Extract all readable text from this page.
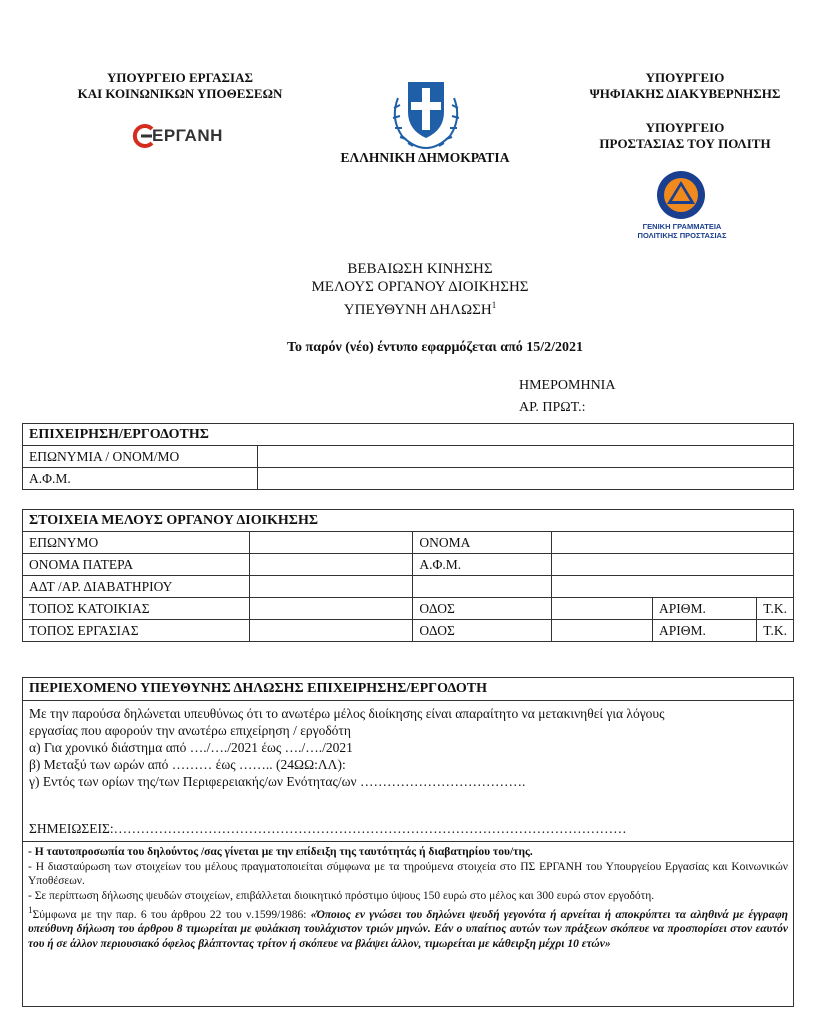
ΥΠΟΥΡΓΕΙΟ ΕΡΓΑΣΙΑΣ
ΚΑΙ ΚΟΙΝΩΝΙΚΩΝ ΥΠΟΘΕΣΕΩΝ
ΕΡΓΑΝΗ
ΕΛΛΗΝΙΚΗ ΔΗΜΟΚΡΑΤΙΑ
ΥΠΟΥΡΓΕΙΟ
ΨΗΦΙΑΚΗΣ ΔΙΑΚΥΒΕΡΝΗΣΗΣ
ΥΠΟΥΡΓΕΙΟ
ΠΡΟΣΤΑΣΙΑΣ ΤΟΥ ΠΟΛΙΤΗ
ΓΕΝΙΚΗ ΓΡΑΜΜΑΤΕΙΑ
ΠΟΛΙΤΙΚΗΣ ΠΡΟΣΤΑΣΙΑΣ
ΒΕΒΑΙΩΣΗ ΚΙΝΗΣΗΣ
ΜΕΛΟΥΣ ΟΡΓΑΝΟΥ ΔΙΟΙΚΗΣΗΣ
ΥΠΕΥΘΥΝΗ ΔΗΛΩΣΗ$^1$
Το παρόν (νέο) έντυπο εφαρμόζεται από 15/2/2021
ΗΜΕΡΟΜΗΝΙΑ
ΑΡ. ΠΡΩΤ.:
ΕΠΙΧΕΙΡΗΣΗ/ΕΡΓΟΔΟΤΗΣ	
ΕΠΩΝΥΜΙΑ / ΟΝΟΜ/ΜΟ	
Α.Φ.Μ.	
ΣΤΟΙΧΕΙΑ ΜΕΛΟΥΣ ΟΡΓΑΝΟΥ ΔΙΟΙΚΗΣΗΣ					
ΕΠΩΝΥΜΟ		ΟΝΟΜΑ			
ΟΝΟΜΑ ΠΑΤΕΡΑ		Α.Φ.Μ.			
ΑΔΤ /ΑΡ. ΔΙΑΒΑΤΗΡΙΟΥ					
ΤΟΠΟΣ ΚΑΤΟΙΚΙΑΣ		ΟΔΟΣ		ΑΡΙΘΜ.	Τ.Κ.
ΤΟΠΟΣ ΕΡΓΑΣΙΑΣ		ΟΔΟΣ		ΑΡΙΘΜ.	Τ.Κ.
ΠΕΡΙΕΧΟΜΕΝΟ ΥΠΕΥΘΥΝΗΣ ΔΗΛΩΣΗΣ ΕΠΙΧΕΙΡΗΣΗΣ/ΕΡΓΟΔΟΤΗ
Με την παρούσα δηλώνεται υπευθύνως ότι το ανωτέρω μέλος διοίκησης είναι απαραίτητο να μετακινηθεί για λόγους
εργασίας που αφορούν την ανωτέρω επιχείρηση / εργοδότη
α) Για χρονικό διάστημα από …./…./2021 έως …./…./2021
β) Μεταξύ των ωρών από ……… έως …….. (24ΩΩ:ΛΛ):
γ) Εντός των ορίων της/των Περιφερειακής/ων Ενότητας/ων ……………………………….
ΣΗΜΕΙΩΣΕΙΣ:……………………………………………………………………………………………………
- Η ταυτοπροσωπία του δηλούντος /σας γίνεται με την επίδειξη της ταυτότητάς ή διαβατηρίου του/της.
- Η διασταύρωση των στοιχείων του μέλους πραγματοποιείται σύμφωνα με τα τηρούμενα στοιχεία στο ΠΣ ΕΡΓΑΝΗ του Υπουργείου Εργασίας και Κοινωνικών Υποθέσεων.
- Σε περίπτωση δήλωσης ψευδών στοιχείων, επιβάλλεται διοικητικό πρόστιμο ύψους 150 ευρώ στο μέλος και 300 ευρώ στον εργοδότη.
$^1$Σύμφωνα με την παρ. 6 του άρθρου 22 του ν.1599/1986: «Όποιος εν γνώσει του δηλώνει ψευδή γεγονότα ή αρνείται ή αποκρύπτει τα αληθινά με έγγραφη υπεύθυνη δήλωση του άρθρου 8 τιμωρείται με φυλάκιση τουλάχιστον τριών μηνών. Εάν ο υπαίτιος αυτών των πράξεων σκόπευε να προσπορίσει στον εαυτόν του ή σε άλλον περιουσιακό όφελος βλάπτοντας τρίτον ή σκόπευε να βλάψει άλλον, τιμωρείται με κάθειρξη μέχρι 10 ετών»
